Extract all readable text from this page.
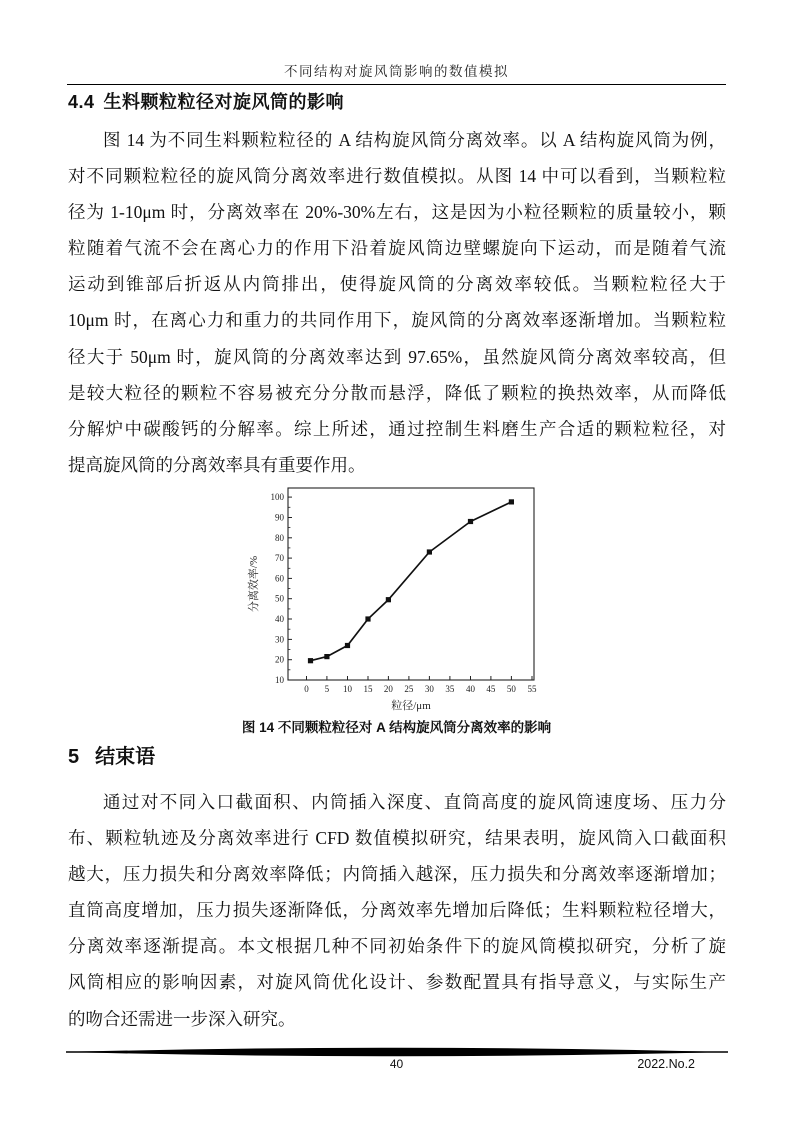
不同结构对旋风筒影响的数值模拟
4.4 生料颗粒粒径对旋风筒的影响
图 14 为不同生料颗粒粒径的 A 结构旋风筒分离效率。以 A 结构旋风筒为例，
对不同颗粒粒径的旋风筒分离效率进行数值模拟。从图 14 中可以看到，当颗粒粒
径为 1-10μm 时，分离效率在 20%-30%左右，这是因为小粒径颗粒的质量较小，颗
粒随着气流不会在离心力的作用下沿着旋风筒边壁螺旋向下运动，而是随着气流
运动到锥部后折返从内筒排出，使得旋风筒的分离效率较低。当颗粒粒径大于
10μm 时，在离心力和重力的共同作用下，旋风筒的分离效率逐渐增加。当颗粒粒
径大于 50μm 时，旋风筒的分离效率达到 97.65%，虽然旋风筒分离效率较高，但
是较大粒径的颗粒不容易被充分分散而悬浮，降低了颗粒的换热效率，从而降低
分解炉中碳酸钙的分解率。综上所述，通过控制生料磨生产合适的颗粒粒径，对
提高旋风筒的分离效率具有重要作用。
0 5 10 15 20 25 30 35 40 45 50 55
10
20
30
40
50
60
70
80
90
100
粒径/μm
分离效率/%
图 14 不同颗粒粒径对 A 结构旋风筒分离效率的影响
5 结束语
通过对不同入口截面积、内筒插入深度、直筒高度的旋风筒速度场、压力分
布、颗粒轨迹及分离效率进行 CFD 数值模拟研究，结果表明，旋风筒入口截面积
越大，压力损失和分离效率降低；内筒插入越深，压力损失和分离效率逐渐增加；
直筒高度增加，压力损失逐渐降低，分离效率先增加后降低；生料颗粒粒径增大，
分离效率逐渐提高。本文根据几种不同初始条件下的旋风筒模拟研究，分析了旋
风筒相应的影响因素，对旋风筒优化设计、参数配置具有指导意义，与实际生产
的吻合还需进一步深入研究。
40	2022.No.2
